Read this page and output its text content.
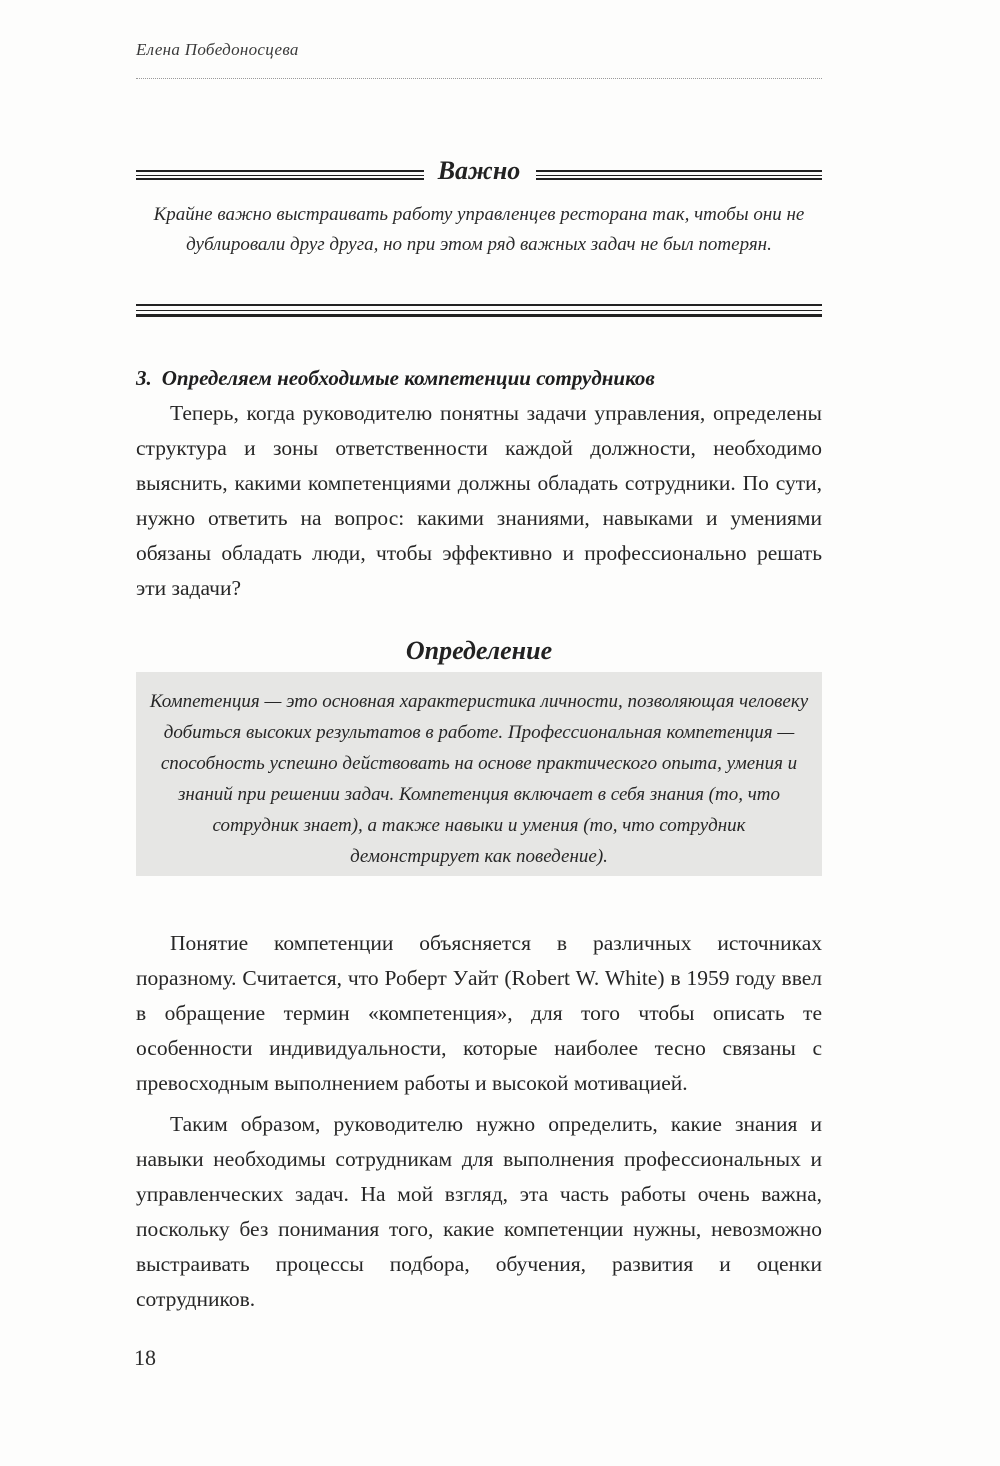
Елена Победоносцева
Важно
Крайне важно выстраивать работу управленцев ресторана так, чтобы они не дублировали друг друга, но при этом ряд важных задач не был потерян.
3. Определяем необходимые компетенции сотрудников

Теперь, когда руководителю понятны задачи управления, определены структура и зоны ответственности каждой должности, необходимо выяснить, какими компетенциями должны обладать сотрудники. По сути, нужно ответить на вопрос: какими знаниями, навыками и умениями обязаны обладать люди, чтобы эффективно и профессионально решать эти задачи?

Определение
Компетенция — это основная характеристика личности, позволяющая человеку добиться высоких результатов в работе. Профессиональная компетенция — способность успешно действовать на основе практического опыта, умения и знаний при решении задач. Компетенция включает в себя знания (то, что сотрудник знает), а также навыки и умения (то, что сотрудник демонстрирует как поведение).

Понятие компетенции объясняется в различных источниках поразному. Считается, что Роберт Уайт (Robert W. White) в 1959 году ввел в обращение термин «компетенция», для того чтобы описать те особенности индивидуальности, которые наиболее тесно связаны с превосходным выполнением работы и высокой мотивацией.

Таким образом, руководителю нужно определить, какие знания и навыки необходимы сотрудникам для выполнения профессиональных и управленческих задач. На мой взгляд, эта часть работы очень важна, поскольку без понимания того, какие компетенции нужны, невозможно выстраивать процессы подбора, обучения, развития и оценки сотрудников.

18
